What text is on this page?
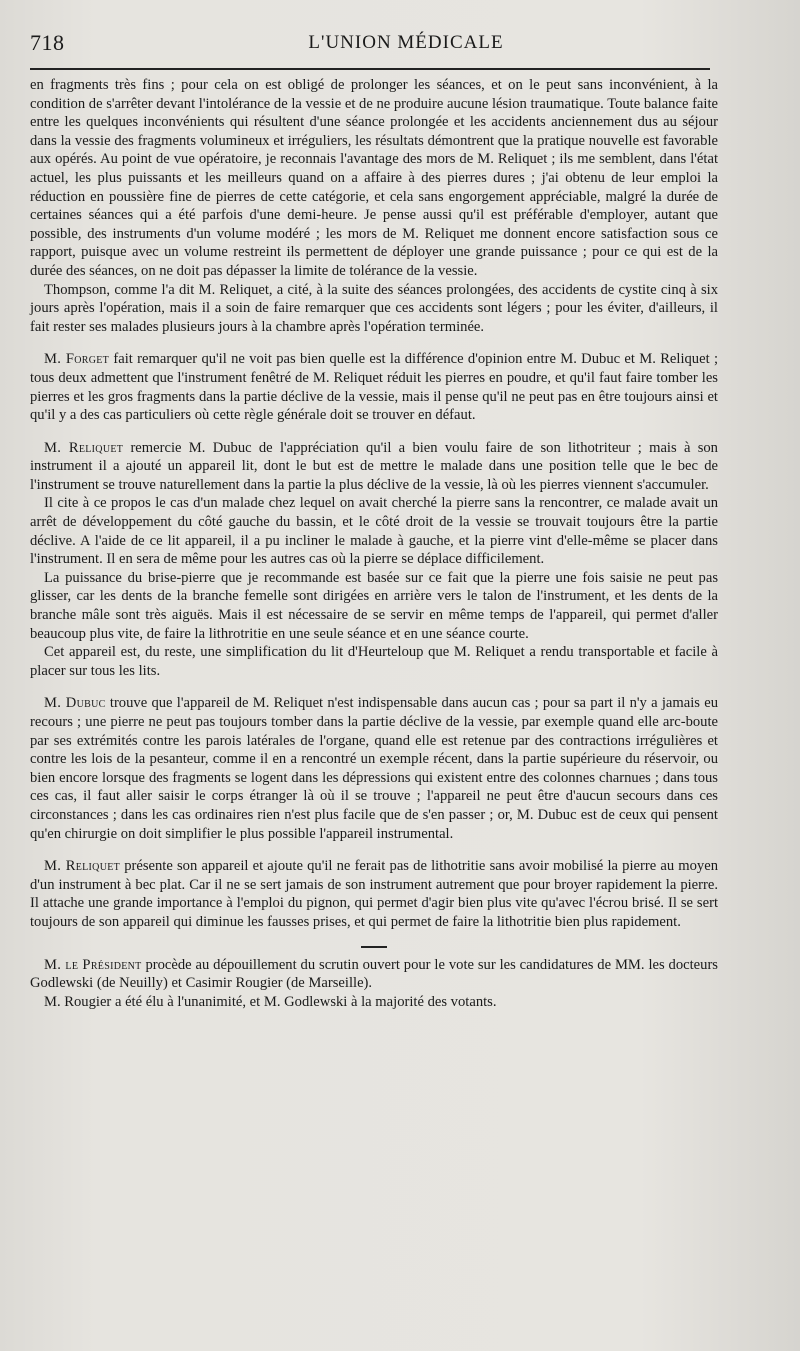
718	L'UNION MÉDICALE

en fragments très fins ; pour cela on est obligé de prolonger les séances, et on le peut sans inconvénient, à la condition de s'arrêter devant l'intolérance de la vessie et de ne produire aucune lésion traumatique. Toute balance faite entre les quelques inconvénients qui résultent d'une séance prolongée et les accidents anciennement dus au séjour dans la vessie des fragments volumineux et irréguliers, les résultats démontrent que la pratique nouvelle est favorable aux opérés. Au point de vue opératoire, je reconnais l'avantage des mors de M. Reliquet ; ils me semblent, dans l'état actuel, les plus puissants et les meilleurs quand on a affaire à des pierres dures ; j'ai obtenu de leur emploi la réduction en poussière fine de pierres de cette catégorie, et cela sans engorgement appréciable, malgré la durée de certaines séances qui a été parfois d'une demi-heure. Je pense aussi qu'il est préférable d'employer, autant que possible, des instruments d'un volume modéré ; les mors de M. Reliquet me donnent encore satisfaction sous ce rapport, puisque avec un volume restreint ils permettent de déployer une grande puissance ; pour ce qui est de la durée des séances, on ne doit pas dépasser la limite de tolérance de la vessie.

Thompson, comme l'a dit M. Reliquet, a cité, à la suite des séances prolongées, des accidents de cystite cinq à six jours après l'opération, mais il a soin de faire remarquer que ces accidents sont légers ; pour les éviter, d'ailleurs, il fait rester ses malades plusieurs jours à la chambre après l'opération terminée.

M. Forget fait remarquer qu'il ne voit pas bien quelle est la différence d'opinion entre M. Dubuc et M. Reliquet ; tous deux admettent que l'instrument fenêtré de M. Reliquet réduit les pierres en poudre, et qu'il faut faire tomber les pierres et les gros fragments dans la partie déclive de la vessie, mais il pense qu'il ne peut pas en être toujours ainsi et qu'il y a des cas particuliers où cette règle générale doit se trouver en défaut.

M. Reliquet remercie M. Dubuc de l'appréciation qu'il a bien voulu faire de son lithotriteur ; mais à son instrument il a ajouté un appareil lit, dont le but est de mettre le malade dans une position telle que le bec de l'instrument se trouve naturellement dans la partie la plus déclive de la vessie, là où les pierres viennent s'accumuler.

Il cite à ce propos le cas d'un malade chez lequel on avait cherché la pierre sans la rencontrer, ce malade avait un arrêt de développement du côté gauche du bassin, et le côté droit de la vessie se trouvait toujours être la partie déclive. A l'aide de ce lit appareil, il a pu incliner le malade à gauche, et la pierre vint d'elle-même se placer dans l'instrument. Il en sera de même pour les autres cas où la pierre se déplace difficilement.

La puissance du brise-pierre que je recommande est basée sur ce fait que la pierre une fois saisie ne peut pas glisser, car les dents de la branche femelle sont dirigées en arrière vers le talon de l'instrument, et les dents de la branche mâle sont très aiguës. Mais il est nécessaire de se servir en même temps de l'appareil, qui permet d'aller beaucoup plus vite, de faire la lithrotritie en une seule séance et en une séance courte.

Cet appareil est, du reste, une simplification du lit d'Heurteloup que M. Reliquet a rendu transportable et facile à placer sur tous les lits.

M. Dubuc trouve que l'appareil de M. Reliquet n'est indispensable dans aucun cas ; pour sa part il n'y a jamais eu recours ; une pierre ne peut pas toujours tomber dans la partie déclive de la vessie, par exemple quand elle arc-boute par ses extrémités contre les parois latérales de l'organe, quand elle est retenue par des contractions irrégulières et contre les lois de la pesanteur, comme il en a rencontré un exemple récent, dans la partie supérieure du réservoir, ou bien encore lorsque des fragments se logent dans les dépressions qui existent entre des colonnes charnues ; dans tous ces cas, il faut aller saisir le corps étranger là où il se trouve ; l'appareil ne peut être d'aucun secours dans ces circonstances ; dans les cas ordinaires rien n'est plus facile que de s'en passer ; or, M. Dubuc est de ceux qui pensent qu'en chirurgie on doit simplifier le plus possible l'appareil instrumental.

M. Reliquet présente son appareil et ajoute qu'il ne ferait pas de lithotritie sans avoir mobilisé la pierre au moyen d'un instrument à bec plat. Car il ne se sert jamais de son instrument autrement que pour broyer rapidement la pierre. Il attache une grande importance à l'emploi du pignon, qui permet d'agir bien plus vite qu'avec l'écrou brisé. Il se sert toujours de son appareil qui diminue les fausses prises, et qui permet de faire la lithotritie bien plus rapidement.

M. le Président procède au dépouillement du scrutin ouvert pour le vote sur les candidatures de MM. les docteurs Godlewski (de Neuilly) et Casimir Rougier (de Marseille).

M. Rougier a été élu à l'unanimité, et M. Godlewski à la majorité des votants.
